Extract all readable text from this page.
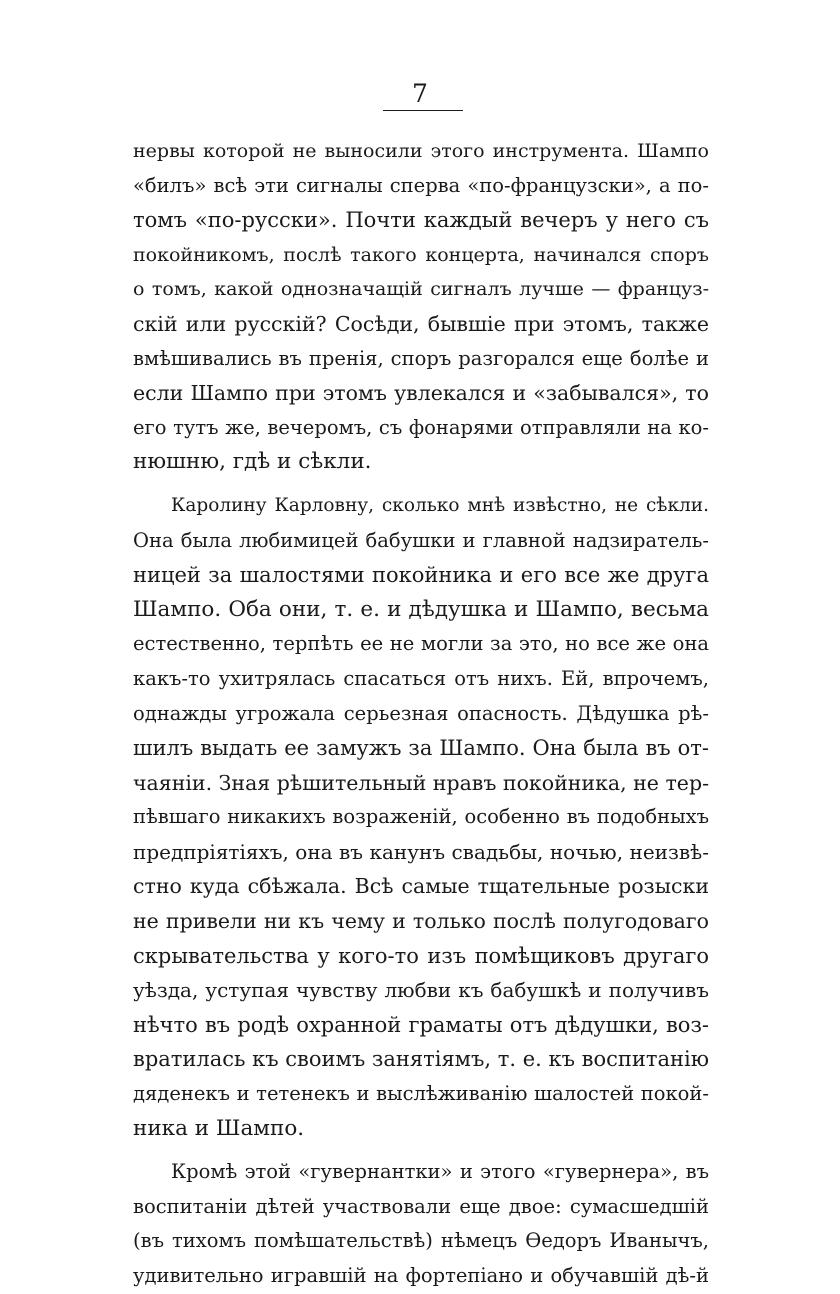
7
нервы которой не выносили этого инструмента. Шампо
«билъ» всѣ эти сигналы сперва «по-французски», а по-
томъ «по-русски». Почти каждый вечеръ у него съ
покойникомъ, послѣ такого концерта, начинался споръ
о томъ, какой однозначащій сигналъ лучше — француз-
скій или русскій? Сосѣди, бывшіе при этомъ, также
вмѣшивались въ пренія, споръ разгорался еще болѣе и
если Шампо при этомъ увлекался и «забывался», то
его тутъ же, вечеромъ, съ фонарями отправляли на ко-
нюшню, гдѣ и сѣкли.
Каролину Карловну, сколько мнѣ извѣстно, не сѣкли.
Она была любимицей бабушки и главной надзиратель-
ницей за шалостями покойника и его все же друга
Шампо. Оба они, т. е. и дѣдушка и Шампо, весьма
естественно, терпѣть ее не могли за это, но все же она
какъ-то ухитрялась спасаться отъ нихъ. Ей, впрочемъ,
однажды угрожала серьезная опасность. Дѣдушка рѣ-
шилъ выдать ее замужъ за Шампо. Она была въ от-
чаяніи. Зная рѣшительный нравъ покойника, не тер-
пѣвшаго никакихъ возраженій, особенно въ подобныхъ
предпріятіяхъ, она въ канунъ свадьбы, ночью, неизвѣ-
стно куда сбѣжала. Всѣ самые тщательные розыски
не привели ни къ чему и только послѣ полугодоваго
скрывательства у кого-то изъ помѣщиковъ другаго
уѣзда, уступая чувству любви къ бабушкѣ и получивъ
нѣчто въ родѣ охранной граматы отъ дѣдушки, воз-
вратилась къ своимъ занятіямъ, т. е. къ воспитанію
дяденекъ и тетенекъ и выслѣживанію шалостей покой-
ника и Шампо.
Кромѣ этой «гувернантки» и этого «гувернера», въ
воспитаніи дѣтей участвовали еще двое: сумасшедшій
(въ тихомъ помѣшательствѣ) нѣмецъ Ѳедоръ Иванычъ,
удивительно игравшій на фортепіано и обучавшій дѣ-й
